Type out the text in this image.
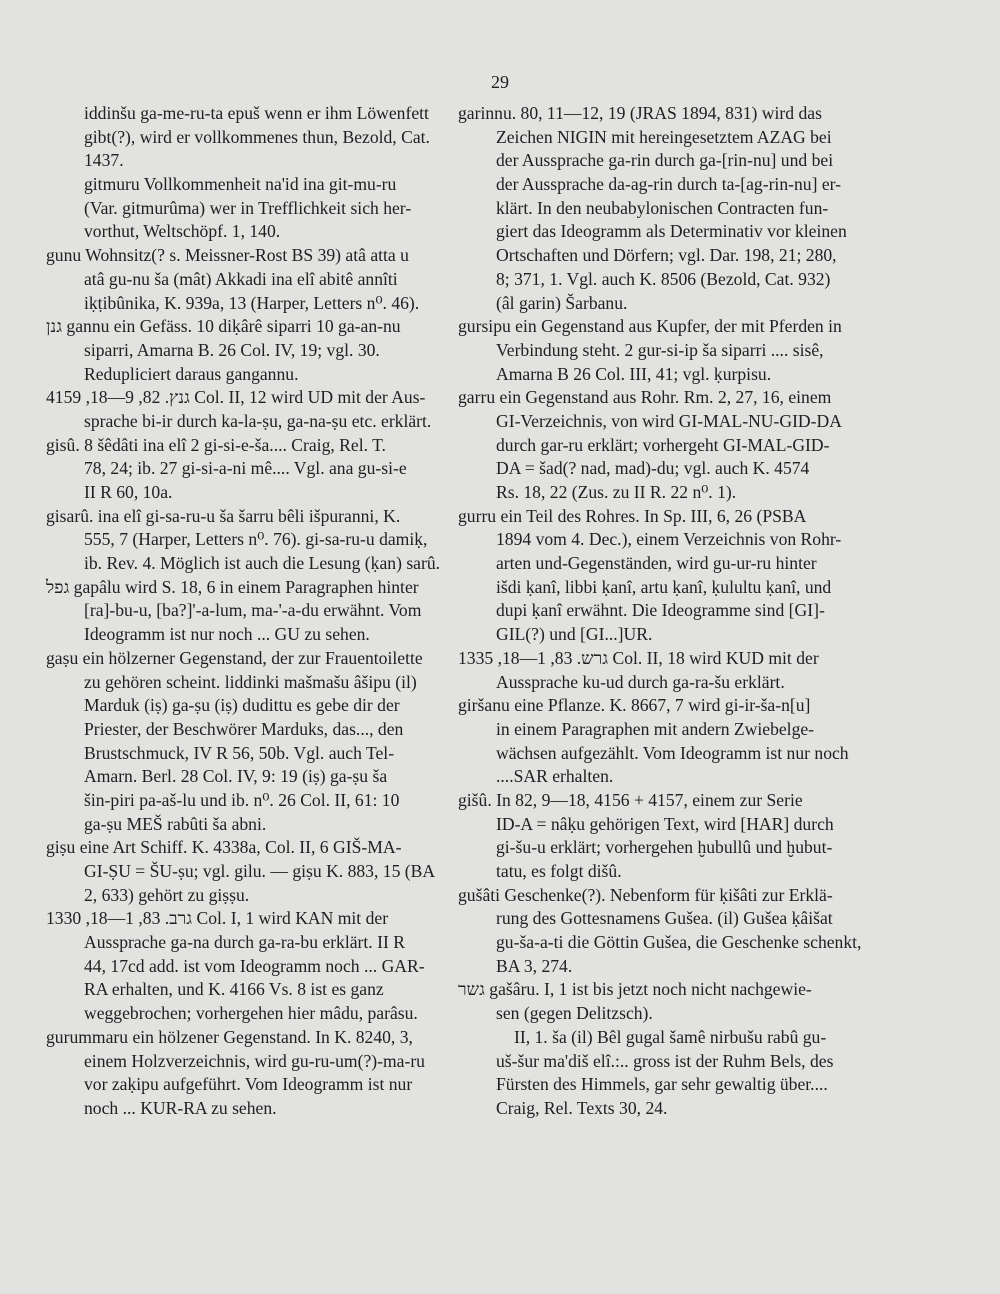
29
iddinšu ga-me-ru-ta epuš wenn er ihm Löwenfett
gibt(?), wird er vollkommenes thun, Bezold, Cat.
1437.
gitmuru Vollkommenheit na'id ina git-mu-ru
(Var. gitmurûma) wer in Trefflichkeit sich her-
vorthut, Weltschöpf. 1, 140.
gunu Wohnsitz(? s. Meissner-Rost BS 39) atâ atta u
atâ gu-nu ša (mât) Akkadi ina elî abitê annîti
iḳṭibûnika, K. 939a, 13 (Harper, Letters n⁰. 46).
גנן gannu ein Gefäss. 10 diḳârê siparri 10 ga-an-nu
siparri, Amarna B. 26 Col. IV, 19; vgl. 30.
Redupliciert daraus gangannu.
גנץ. 82, 9—18, 4159 Col. II, 12 wird UD mit der Aus-
sprache bi-ir durch ka-la-ṣu, ga-na-ṣu etc. erklärt.
gisû. 8 šêdâti ina elî 2 gi-si-e-ša.... Craig, Rel. T.
78, 24; ib. 27 gi-si-a-ni mê.... Vgl. ana gu-si-e
II R 60, 10a.
gisarû. ina elî gi-sa-ru-u ša šarru bêli išpuranni, K.
555, 7 (Harper, Letters n⁰. 76). gi-sa-ru-u damiḳ,
ib. Rev. 4. Möglich ist auch die Lesung (ḳan) sarû.
גפל gapâlu wird S. 18, 6 in einem Paragraphen hinter
[ra]-bu-u, [ba?]'-a-lum, ma-'-a-du erwähnt. Vom
Ideogramm ist nur noch ... GU zu sehen.
gaṣu ein hölzerner Gegenstand, der zur Frauentoilette
zu gehören scheint. liddinki mašmašu âšipu (il)
Marduk (iṣ) ga-ṣu (iṣ) dudittu es gebe dir der
Priester, der Beschwörer Marduks, das..., den
Brustschmuck, IV R 56, 50b. Vgl. auch Tel-
Amarn. Berl. 28 Col. IV, 9: 19 (iṣ) ga-ṣu ša
šin-piri pa-aš-lu und ib. n⁰. 26 Col. II, 61: 10
ga-ṣu MEŠ rabûti ša abni.
giṣu eine Art Schiff. K. 4338a, Col. II, 6 GIŠ-MA-
GI-ṢU = ŠU-ṣu; vgl. gilu. — giṣu K. 883, 15 (BA
2, 633) gehört zu giṣṣu.
גרב. 83, 1—18, 1330 Col. I, 1 wird KAN mit der
Aussprache ga-na durch ga-ra-bu erklärt. II R
44, 17cd add. ist vom Ideogramm noch ... GAR-
RA erhalten, und K. 4166 Vs. 8 ist es ganz
weggebrochen; vorhergehen hier mâdu, parâsu.
gurummaru ein hölzener Gegenstand. In K. 8240, 3,
einem Holzverzeichnis, wird gu-ru-um(?)-ma-ru
vor zaḳipu aufgeführt. Vom Ideogramm ist nur
noch ... KUR-RA zu sehen.
garinnu. 80, 11—12, 19 (JRAS 1894, 831) wird das
Zeichen NIGIN mit hereingesetztem AZAG bei
der Aussprache ga-rin durch ga-[rin-nu] und bei
der Aussprache da-ag-rin durch ta-[ag-rin-nu] er-
klärt. In den neubabylonischen Contracten fun-
giert das Ideogramm als Determinativ vor kleinen
Ortschaften und Dörfern; vgl. Dar. 198, 21; 280,
8; 371, 1. Vgl. auch K. 8506 (Bezold, Cat. 932)
(âl garin) Šarbanu.
gursipu ein Gegenstand aus Kupfer, der mit Pferden in
Verbindung steht. 2 gur-si-ip ša siparri .... sisê,
Amarna B 26 Col. III, 41; vgl. ḳurpisu.
garru ein Gegenstand aus Rohr. Rm. 2, 27, 16, einem
GI-Verzeichnis, von wird GI-MAL-NU-GID-DA
durch gar-ru erklärt; vorhergeht GI-MAL-GID-
DA = šad(? nad, mad)-du; vgl. auch K. 4574
Rs. 18, 22 (Zus. zu II R. 22 n⁰. 1).
gurru ein Teil des Rohres. In Sp. III, 6, 26 (PSBA
1894 vom 4. Dec.), einem Verzeichnis von Rohr-
arten und-Gegenständen, wird gu-ur-ru hinter
išdi ḳanî, libbi ḳanî, artu ḳanî, ḳulultu ḳanî, und
dupi ḳanî erwähnt. Die Ideogramme sind [GI]-
GIL(?) und [GI...]UR.
גרש. 83, 1—18, 1335 Col. II, 18 wird KUD mit der
Aussprache ku-ud durch ga-ra-šu erklärt.
giršanu eine Pflanze. K. 8667, 7 wird gi-ir-ša-n[u]
in einem Paragraphen mit andern Zwiebelge-
wächsen aufgezählt. Vom Ideogramm ist nur noch
....SAR erhalten.
gišû. In 82, 9—18, 4156 + 4157, einem zur Serie
ID-A = nâḳu gehörigen Text, wird [HAR] durch
gi-šu-u erklärt; vorhergehen ḫubullû und ḫubut-
tatu, es folgt dišû.
gušâti Geschenke(?). Nebenform für ḳišâti zur Erklä-
rung des Gottesnamens Gušea. (il) Gušea ḳâišat
gu-ša-a-ti die Göttin Gušea, die Geschenke schenkt,
BA 3, 274.
גשר gašâru. I, 1 ist bis jetzt noch nicht nachgewie-
sen (gegen Delitzsch).
II, 1. ša (il) Bêl gugal šamê nirbušu rabû gu-
uš-šur ma'diš elî.:.. gross ist der Ruhm Bels, des
Fürsten des Himmels, gar sehr gewaltig über....
Craig, Rel. Texts 30, 24.
